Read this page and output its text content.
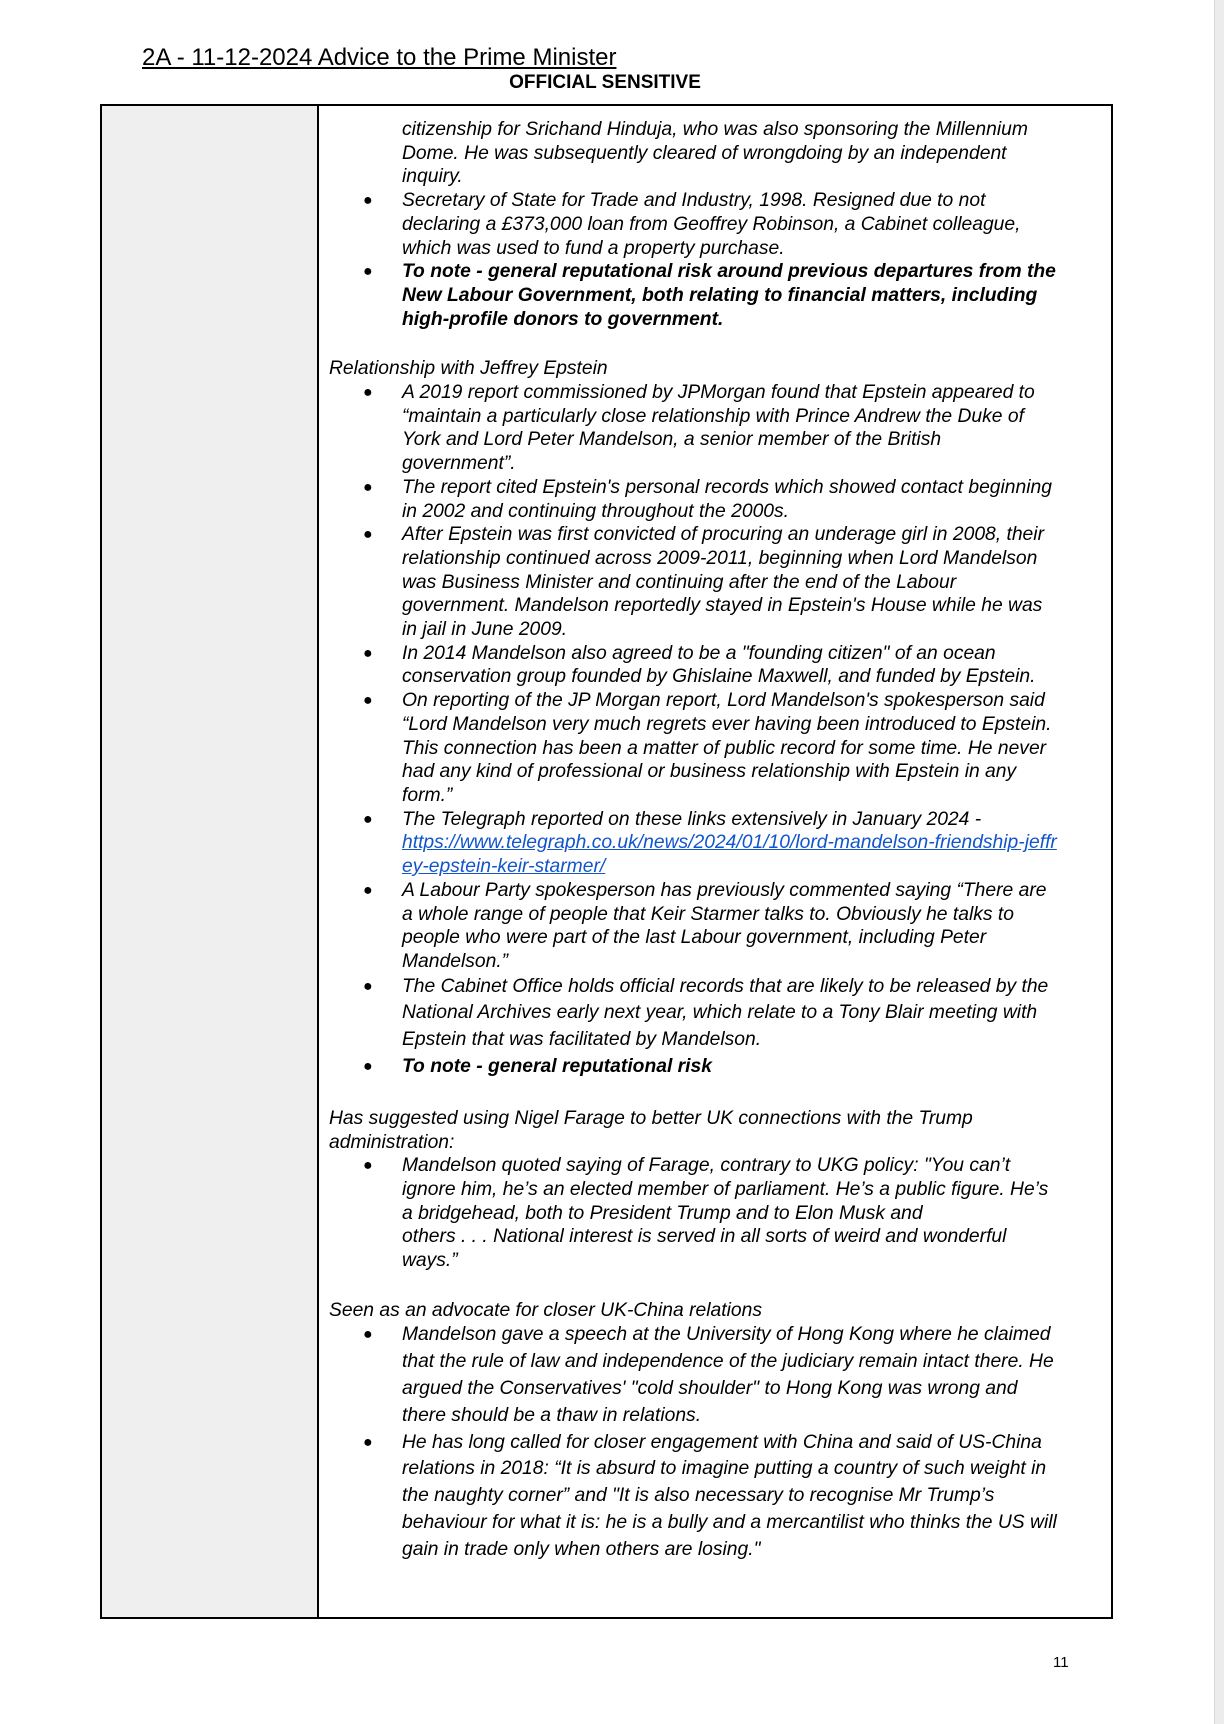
2A - 11-12-2024 Advice to the Prime Minister
OFFICIAL SENSITIVE
citizenship for Srichand Hinduja, who was also sponsoring the Millennium
Dome. He was subsequently cleared of wrongdoing by an independent
inquiry.
● Secretary of State for Trade and Industry, 1998. Resigned due to not
declaring a £373,000 loan from Geoffrey Robinson, a Cabinet colleague,
which was used to fund a property purchase.
● To note - general reputational risk around previous departures from the
New Labour Government, both relating to financial matters, including
high-profile donors to government.
Relationship with Jeffrey Epstein
● A 2019 report commissioned by JPMorgan found that Epstein appeared to
“maintain a particularly close relationship with Prince Andrew the Duke of
York and Lord Peter Mandelson, a senior member of the British
government”.
● The report cited Epstein's personal records which showed contact beginning
in 2002 and continuing throughout the 2000s.
● After Epstein was first convicted of procuring an underage girl in 2008, their
relationship continued across 2009-2011, beginning when Lord Mandelson
was Business Minister and continuing after the end of the Labour
government. Mandelson reportedly stayed in Epstein's House while he was
in jail in June 2009.
● In 2014 Mandelson also agreed to be a "founding citizen" of an ocean
conservation group founded by Ghislaine Maxwell, and funded by Epstein.
● On reporting of the JP Morgan report, Lord Mandelson's spokesperson said
“Lord Mandelson very much regrets ever having been introduced to Epstein.
This connection has been a matter of public record for some time. He never
had any kind of professional or business relationship with Epstein in any
form.”
● The Telegraph reported on these links extensively in January 2024 -
https://www.telegraph.co.uk/news/2024/01/10/lord-mandelson-friendship-jeffr
ey-epstein-keir-starmer/
● A Labour Party spokesperson has previously commented saying “There are
a whole range of people that Keir Starmer talks to. Obviously he talks to
people who were part of the last Labour government, including Peter
Mandelson.”
● The Cabinet Office holds official records that are likely to be released by the
National Archives early next year, which relate to a Tony Blair meeting with
Epstein that was facilitated by Mandelson.
● To note - general reputational risk
Has suggested using Nigel Farage to better UK connections with the Trump
administration:
● Mandelson quoted saying of Farage, contrary to UKG policy: "You can’t
ignore him, he’s an elected member of parliament. He’s a public figure. He’s
a bridgehead, both to President Trump and to Elon Musk and
others . . . National interest is served in all sorts of weird and wonderful
ways.”
Seen as an advocate for closer UK-China relations
● Mandelson gave a speech at the University of Hong Kong where he claimed
that the rule of law and independence of the judiciary remain intact there. He
argued the Conservatives' "cold shoulder" to Hong Kong was wrong and
there should be a thaw in relations.
● He has long called for closer engagement with China and said of US-China
relations in 2018: “It is absurd to imagine putting a country of such weight in
the naughty corner” and "It is also necessary to recognise Mr Trump’s
behaviour for what it is: he is a bully and a mercantilist who thinks the US will
gain in trade only when others are losing."
11
